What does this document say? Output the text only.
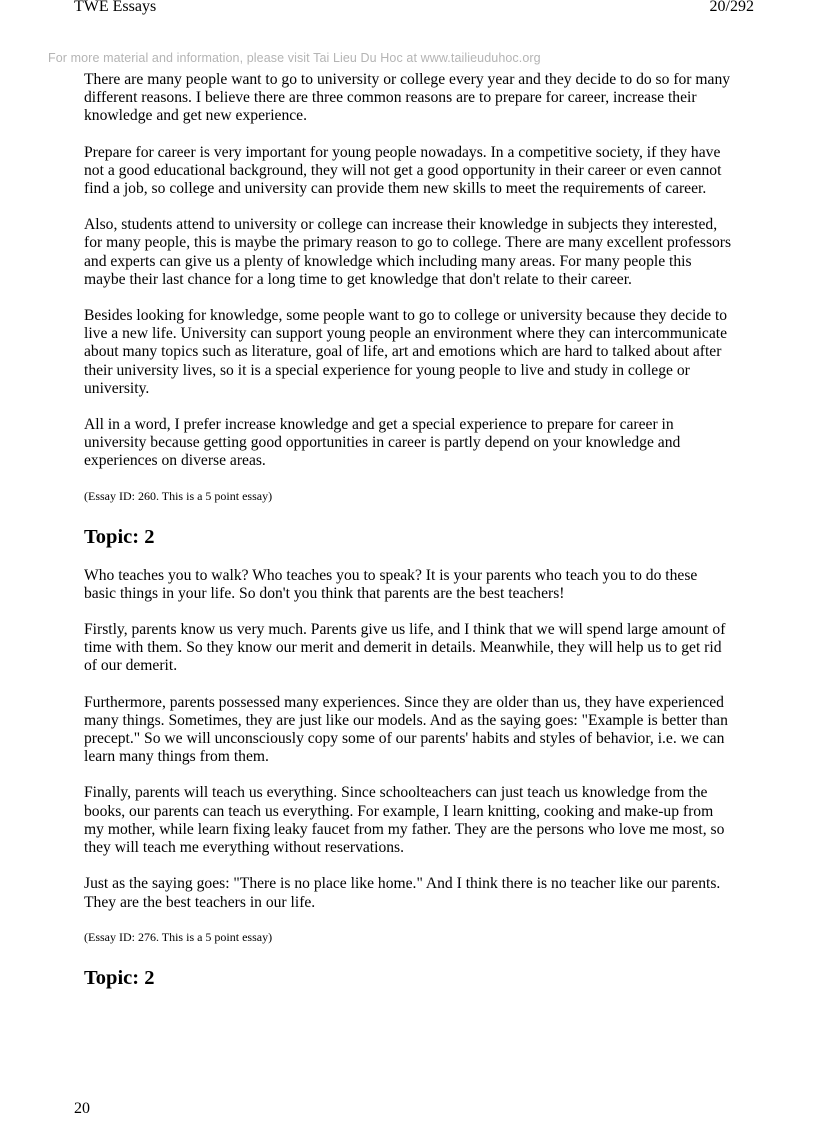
TWE Essays	20/292
For more material and information, please visit Tai Lieu Du Hoc at www.tailieuduhoc.org

There are many people want to go to university or college every year and they decide to do so for many different reasons. I believe there are three common reasons are to prepare for career, increase their knowledge and get new experience.

Prepare for career is very important for young people nowadays. In a competitive society, if they have not a good educational background, they will not get a good opportunity in their career or even cannot find a job, so college and university can provide them new skills to meet the requirements of career.

Also, students attend to university or college can increase their knowledge in subjects they interested, for many people, this is maybe the primary reason to go to college. There are many excellent professors and experts can give us a plenty of knowledge which including many areas. For many people this maybe their last chance for a long time to get knowledge that don't relate to their career.

Besides looking for knowledge, some people want to go to college or university because they decide to live a new life. University can support young people an environment where they can intercommunicate about many topics such as literature, goal of life, art and emotions which are hard to talked about after their university lives, so it is a special experience for young people to live and study in college or university.

All in a word, I prefer increase knowledge and get a special experience to prepare for career in university because getting good opportunities in career is partly depend on your knowledge and experiences on diverse areas.

(Essay ID: 260. This is a 5 point essay)

Topic: 2

Who teaches you to walk? Who teaches you to speak? It is your parents who teach you to do these basic things in your life. So don't you think that parents are the best teachers!

Firstly, parents know us very much. Parents give us life, and I think that we will spend large amount of time with them. So they know our merit and demerit in details. Meanwhile, they will help us to get rid of our demerit.

Furthermore, parents possessed many experiences. Since they are older than us, they have experienced many things. Sometimes, they are just like our models. And as the saying goes: "Example is better than precept." So we will unconsciously copy some of our parents' habits and styles of behavior, i.e. we can learn many things from them.

Finally, parents will teach us everything. Since schoolteachers can just teach us knowledge from the books, our parents can teach us everything. For example, I learn knitting, cooking and make-up from my mother, while learn fixing leaky faucet from my father. They are the persons who love me most, so they will teach me everything without reservations.

Just as the saying goes: "There is no place like home." And I think there is no teacher like our parents. They are the best teachers in our life.

(Essay ID: 276. This is a 5 point essay)

Topic: 2
20
